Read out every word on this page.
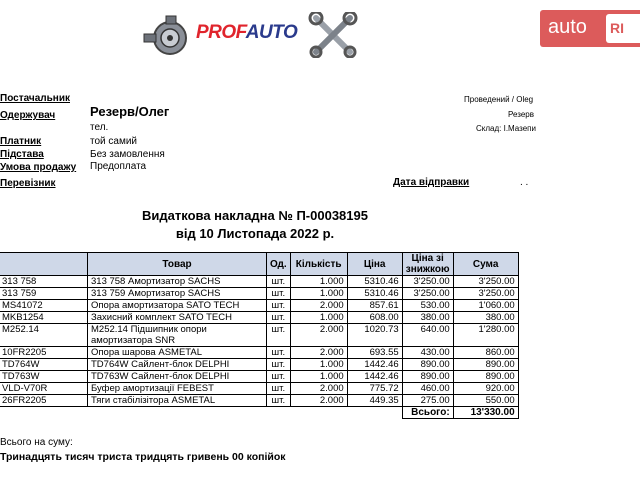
PROFAUTO	auto RI
Постачальник
Одержувач	Резерв/Олег
тел.
Платник	той самий
Підстава	Без замовлення
Умова продажу Предоплата
Перевізник
Проведений / Oleg
Резерв
Склад: І.Мазепи
Дата відправки	. .
Видаткова накладна № П-00038195
від 10 Листопада 2022 р.
	Товар	Од.	Кількість	Ціна	Ціна зі знижкою	Сума
313 758	313 758 Амортизатор SACHS	шт.	1.000	5310.46	3'250.00	3'250.00
313 759	313 759 Амортизатор SACHS	шт.	1.000	5310.46	3'250.00	3'250.00
MS41072	Опора амортизатора SATO TECH	шт.	2.000	857.61	530.00	1'060.00
MKB1254	Захисний комплект SATO TECH	шт.	1.000	608.00	380.00	380.00
M252.14	M252.14 Підшипник опори
амортизатора SNR	шт.	2.000	1020.73	640.00	1'280.00
10FR2205	Опора шарова ASMETAL	шт.	2.000	693.55	430.00	860.00
TD764W	TD764W Сайлент-блок DELPHI	шт.	1.000	1442.46	890.00	890.00
TD763W	TD763W Сайлент-блок DELPHI	шт.	1.000	1442.46	890.00	890.00
VLD-V70R	Буфер амортизації FEBEST	шт.	2.000	775.72	460.00	920.00
26FR2205	Тяги стабілізітора ASMETAL	шт.	2.000	449.35	275.00	550.00
					Всього:	13'330.00
Всього на суму:
Тринадцять тисяч триста тридцять гривень 00 копійок
